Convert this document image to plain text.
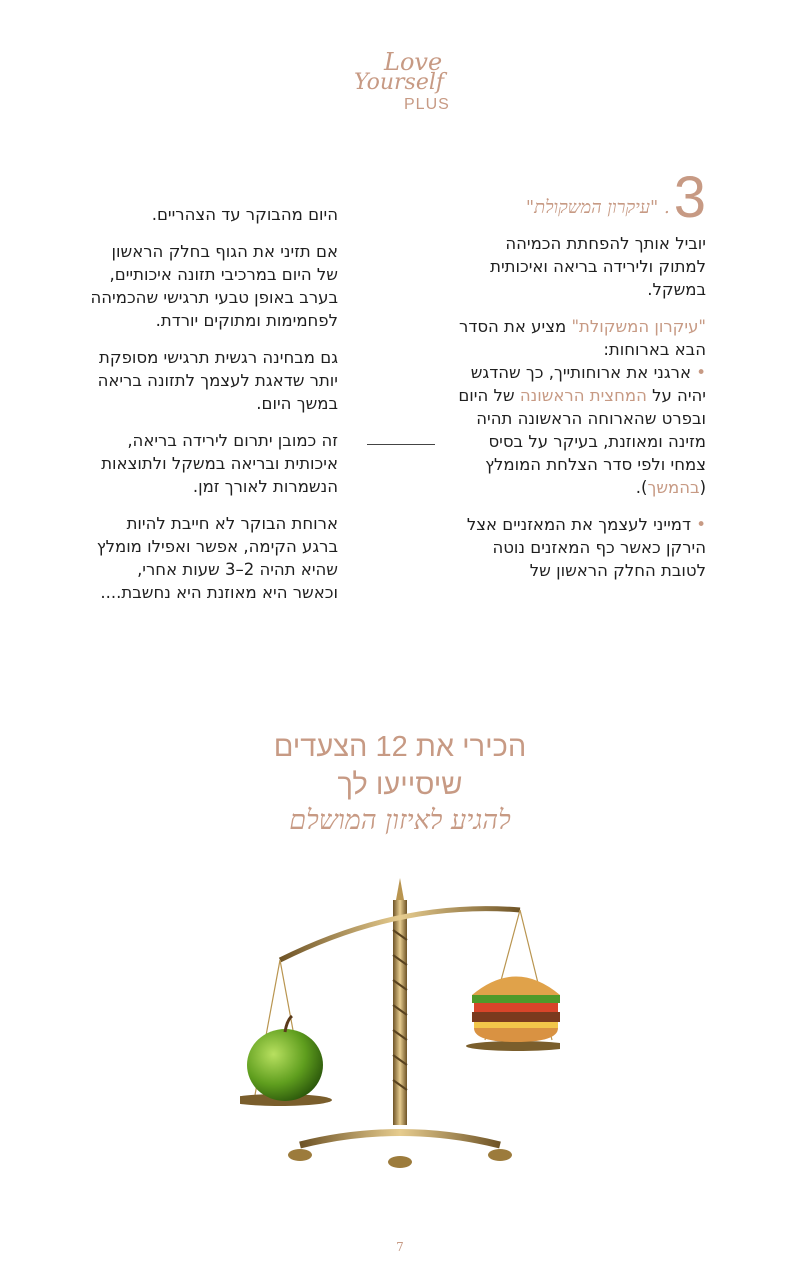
Love
Yourself
PLUS
3
. "עיקרון המשקולת"

יוביל אותך להפחתת הכמיהה למתוק ולירידה בריאה ואיכותית במשקל.

"עיקרון המשקולת" מציע את הסדר הבא בארוחות:
• ארגני את ארוחותייך, כך שהדגש יהיה על המחצית הראשונה של היום ובפרט שהארוחה הראשונה תהיה מזינה ומאוזנת, בעיקר על בסיס צמחי ולפי סדר הצלחת המומלץ (בהמשך).

• דמייני לעצמך את המאזניים אצל הירקן כאשר כף המאזנים נוטה לטובת החלק הראשון של

היום מהבוקר עד הצהריים.

אם תזיני את הגוף בחלק הראשון של היום במרכיבי תזונה איכותיים, בערב באופן טבעי תרגישי שהכמיהה לפחמימות ומתוקים יורדת.

גם מבחינה רגשית תרגישי מסופקת יותר שדאגת לעצמך לתזונה בריאה במשך היום.

זה כמובן יתרום לירידה בריאה, איכותית ובריאה במשקל ולתוצאות הנשמרות לאורך זמן.

ארוחת הבוקר לא חייבת להיות ברגע הקימה, אפשר ואפילו מומלץ שהיא תהיה 2–3 שעות אחרי, וכאשר היא מאוזנת היא נחשבת....

הכירי את 12 הצעדים
שיסייעו לך
להגיע לאיזון המושלם
7
